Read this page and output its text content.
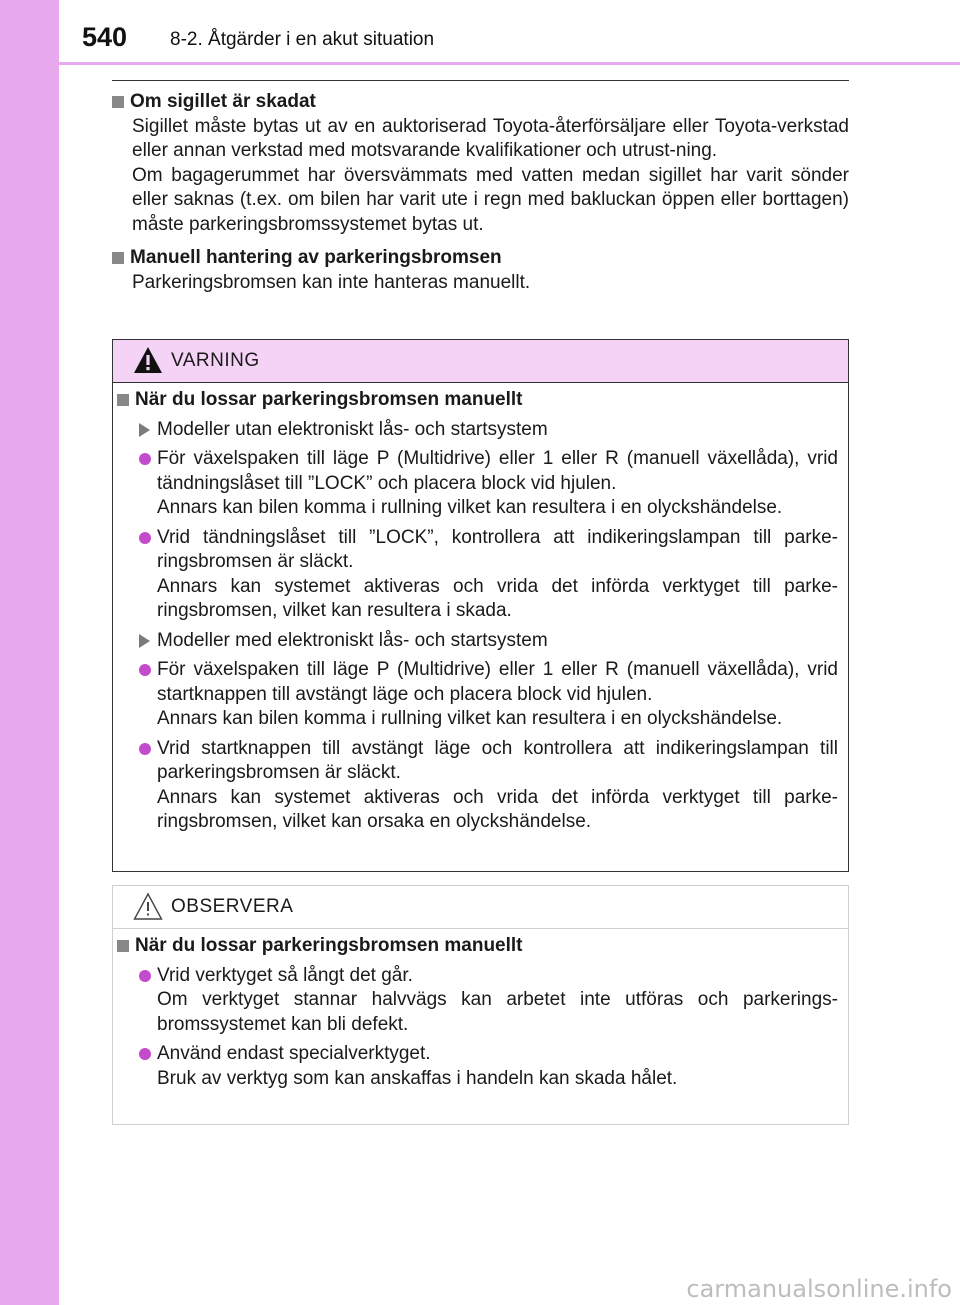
540 8-2. Åtgärder i en akut situation
Om sigillet är skadat
Sigillet måste bytas ut av en auktoriserad Toyota-återförsäljare eller Toyota-verkstad eller annan verkstad med motsvarande kvalifikationer och utrust-ning.
Om bagagerummet har översvämmats med vatten medan sigillet har varit sönder eller saknas (t.ex. om bilen har varit ute i regn med bakluckan öppen eller borttagen) måste parkeringsbromssystemet bytas ut.
Manuell hantering av parkeringsbromsen
Parkeringsbromsen kan inte hanteras manuellt.
VARNING
När du lossar parkeringsbromsen manuellt
Modeller utan elektroniskt lås- och startsystem
För växelspaken till läge P (Multidrive) eller 1 eller R (manuell växellåda), vrid tändningslåset till ”LOCK” och placera block vid hjulen.
Annars kan bilen komma i rullning vilket kan resultera i en olyckshändelse.
Vrid tändningslåset till ”LOCK”, kontrollera att indikeringslampan till parke-ringsbromsen är släckt.
Annars kan systemet aktiveras och vrida det införda verktyget till parke-ringsbromsen, vilket kan resultera i skada.
Modeller med elektroniskt lås- och startsystem
För växelspaken till läge P (Multidrive) eller 1 eller R (manuell växellåda), vrid startknappen till avstängt läge och placera block vid hjulen.
Annars kan bilen komma i rullning vilket kan resultera i en olyckshändelse.
Vrid startknappen till avstängt läge och kontrollera att indikeringslampan till parkeringsbromsen är släckt.
Annars kan systemet aktiveras och vrida det införda verktyget till parke-ringsbromsen, vilket kan orsaka en olyckshändelse.
OBSERVERA
När du lossar parkeringsbromsen manuellt
Vrid verktyget så långt det går.
Om verktyget stannar halvvägs kan arbetet inte utföras och parkerings-bromssystemet kan bli defekt.
Använd endast specialverktyget.
Bruk av verktyg som kan anskaffas i handeln kan skada hålet.
carmanualsonline.info
